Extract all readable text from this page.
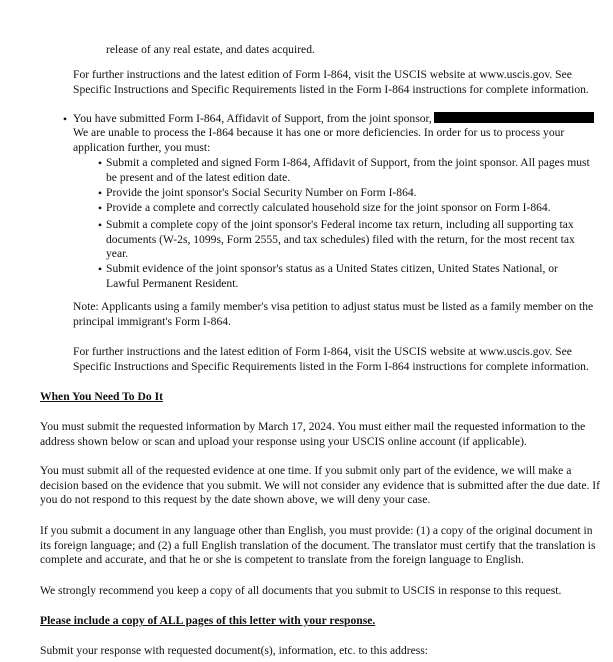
release of any real estate, and dates acquired.

For further instructions and the latest edition of Form I-864, visit the USCIS website at www.uscis.gov. See Specific Instructions and Specific Requirements listed in the Form I-864 instructions for complete information.

• You have submitted Form I-864, Affidavit of Support, from the joint sponsor,

We are unable to process the I-864 because it has one or more deficiencies. In order for us to process your application further, you must:

• Submit a completed and signed Form I-864, Affidavit of Support, from the joint sponsor. All pages must be present and of the latest edition date.

• Provide the joint sponsor's Social Security Number on Form I-864.

• Provide a complete and correctly calculated household size for the joint sponsor on Form I-864.

• Submit a complete copy of the joint sponsor's Federal income tax return, including all supporting tax documents (W-2s, 1099s, Form 2555, and tax schedules) filed with the return, for the most recent tax year.

• Submit evidence of the joint sponsor's status as a United States citizen, United States National, or Lawful Permanent Resident.

Note: Applicants using a family member's visa petition to adjust status must be listed as a family member on the principal immigrant's Form I-864.

For further instructions and the latest edition of Form I-864, visit the USCIS website at www.uscis.gov. See Specific Instructions and Specific Requirements listed in the Form I-864 instructions for complete information.

When You Need To Do It

You must submit the requested information by March 17, 2024. You must either mail the requested information to the address shown below or scan and upload your response using your USCIS online account (if applicable).

You must submit all of the requested evidence at one time. If you submit only part of the evidence, we will make a decision based on the evidence that you submit. We will not consider any evidence that is submitted after the due date. If you do not respond to this request by the date shown above, we will deny your case.

If you submit a document in any language other than English, you must provide: (1) a copy of the original document in its foreign language; and (2) a full English translation of the document. The translator must certify that the translation is complete and accurate, and that he or she is competent to translate from the foreign language to English.

We strongly recommend you keep a copy of all documents that you submit to USCIS in response to this request.

Please include a copy of ALL pages of this letter with your response.

Submit your response with requested document(s), information, etc. to this address:
